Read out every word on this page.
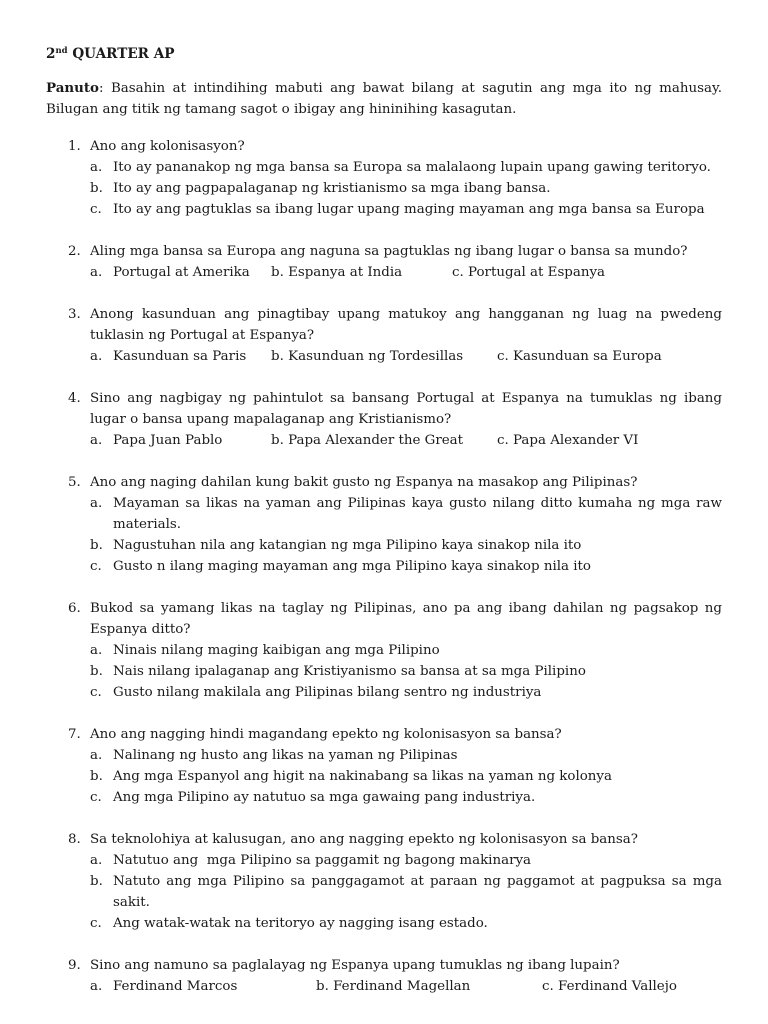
2nd QUARTER AP
Panuto: Basahin at intindihing mabuti ang bawat bilang at sagutin ang mga ito ng mahusay. Bilugan ang titik ng tamang sagot o ibigay ang hininihing kasagutan.
1. Ano ang kolonisasyon?
a. Ito ay pananakop ng mga bansa sa Europa sa malalaong lupain upang gawing teritoryo.
b. Ito ay ang pagpapalaganap ng kristianismo sa mga ibang bansa.
c. Ito ay ang pagtuklas sa ibang lugar upang maging mayaman ang mga bansa sa Europa
2. Aling mga bansa sa Europa ang naguna sa pagtuklas ng ibang lugar o bansa sa mundo?
a. Portugal at Amerika b. Espanya at India	c. Portugal at Espanya
3. Anong kasunduan ang pinagtibay upang matukoy ang hangganan ng luag na pwedeng tuklasin ng Portugal at Espanya?
a. Kasunduan sa Paris b. Kasunduan ng Tordesillas	c. Kasunduan sa Europa
4. Sino ang nagbigay ng pahintulot sa bansang Portugal at Espanya na tumuklas ng ibang lugar o bansa upang mapalaganap ang Kristianismo?
a. Papa Juan Pablo	b. Papa Alexander the Great	c. Papa Alexander VI
5. Ano ang naging dahilan kung bakit gusto ng Espanya na masakop ang Pilipinas?
a. Mayaman sa likas na yaman ang Pilipinas kaya gusto nilang ditto kumaha ng mga raw materials.
b. Nagustuhan nila ang katangian ng mga Pilipino kaya sinakop nila ito
c. Gusto n ilang maging mayaman ang mga Pilipino kaya sinakop nila ito
6. Bukod sa yamang likas na taglay ng Pilipinas, ano pa ang ibang dahilan ng pagsakop ng Espanya ditto?
a. Ninais nilang maging kaibigan ang mga Pilipino
b. Nais nilang ipalaganap ang Kristiyanismo sa bansa at sa mga Pilipino
c. Gusto nilang makilala ang Pilipinas bilang sentro ng industriya
7. Ano ang nagging hindi magandang epekto ng kolonisasyon sa bansa?
a. Nalinang ng husto ang likas na yaman ng Pilipinas
b. Ang mga Espanyol ang higit na nakinabang sa likas na yaman ng kolonya
c. Ang mga Pilipino ay natutuo sa mga gawaing pang industriya.
8. Sa teknolohiya at kalusugan, ano ang nagging epekto ng kolonisasyon sa bansa?
a. Natutuo ang  mga Pilipino sa paggamit ng bagong makinarya
b. Natuto ang mga Pilipino sa panggagamot at paraan ng paggamot at pagpuksa sa mga sakit.
c. Ang watak-watak na teritoryo ay nagging isang estado.
9. Sino ang namuno sa paglalayag ng Espanya upang tumuklas ng ibang lupain?
a. Ferdinand Marcos	b. Ferdinand Magellan	c. Ferdinand Vallejo
